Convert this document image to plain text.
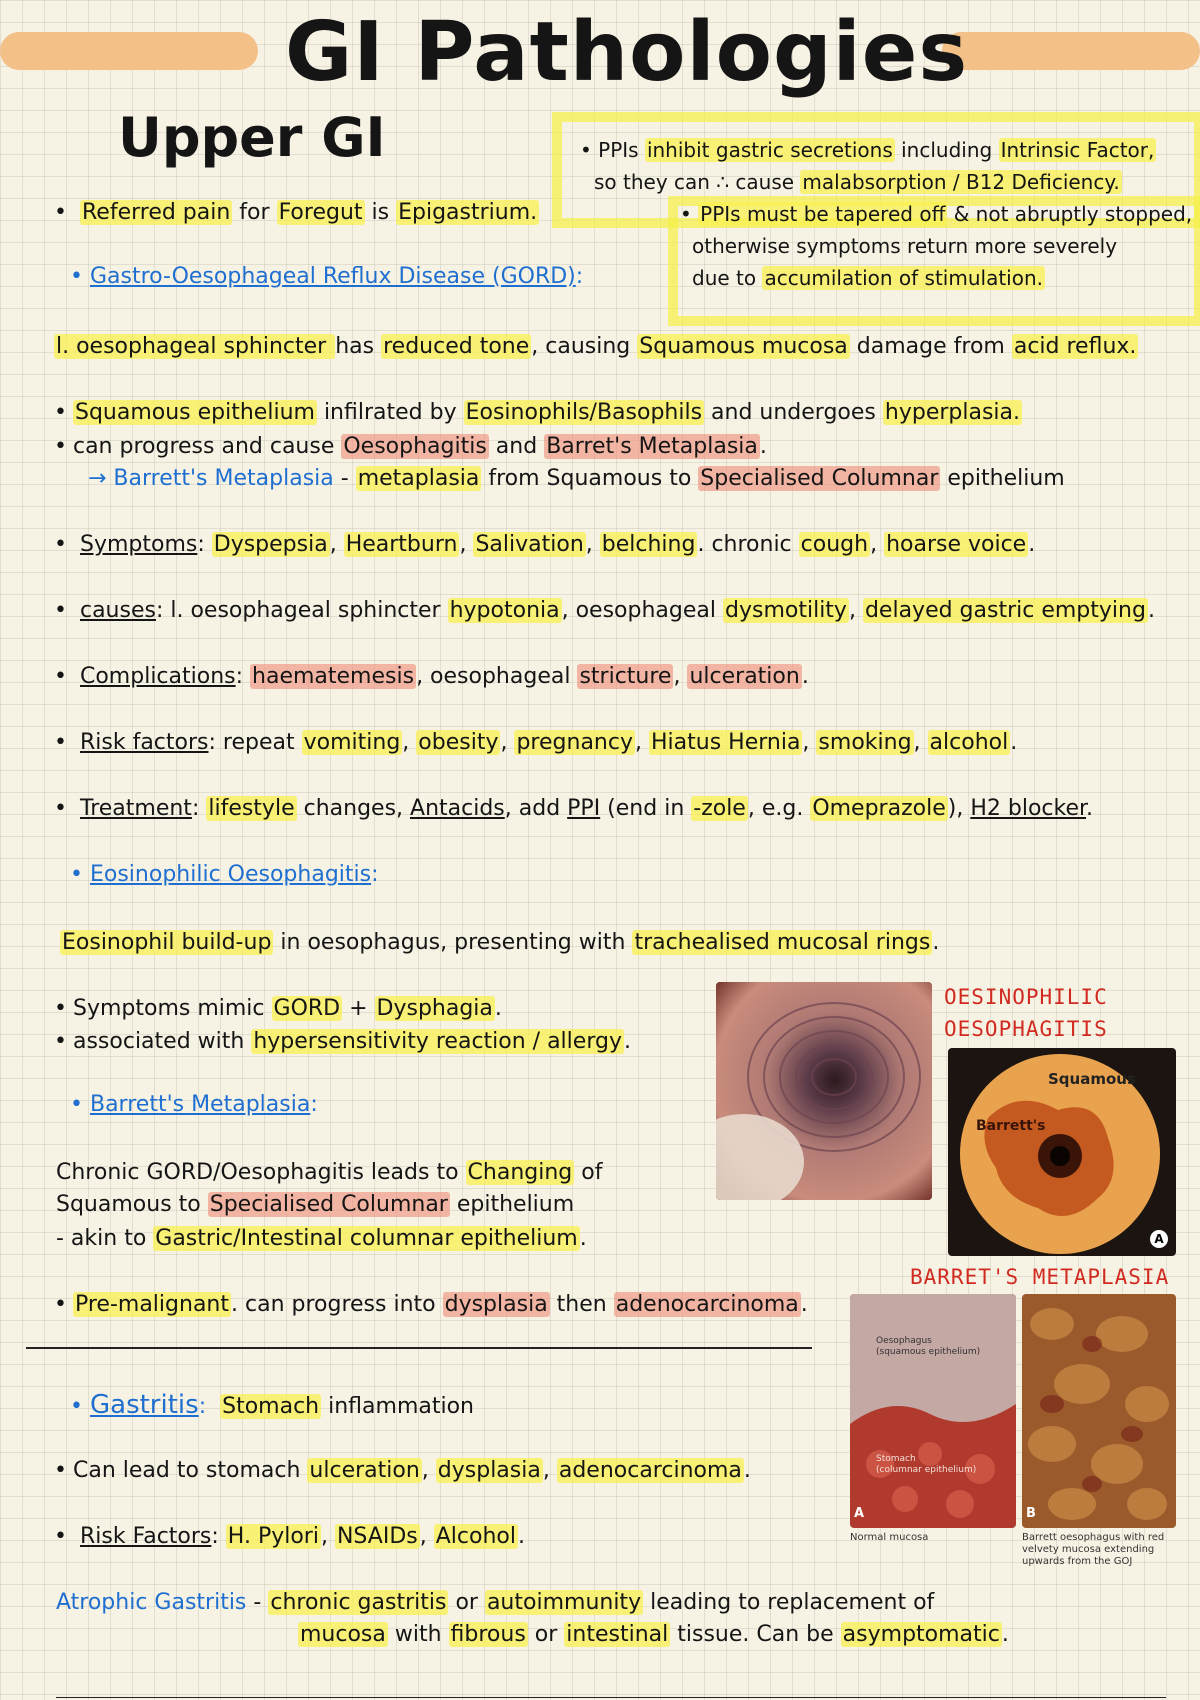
GI Pathologies
Upper GI	• PPIs inhibit gastric secretions including Intrinsic Factor,
so they can ∴ cause malabsorption / B12 Deficiency.
• PPIs must be tapered off & not abruptly stopped,
otherwise symptoms return more severely
due to accumilation of stimulation.
• Referred pain for Foregut is Epigastrium.
• Gastro-Oesophageal Reflux Disease (GORD):
l. oesophageal sphincter has reduced tone, causing Squamous mucosa damage from acid reflux.
• Squamous epithelium infilrated by Eosinophils/Basophils and undergoes hyperplasia.
• can progress and cause Oesophagitis and Barret's Metaplasia.
→ Barrett's Metaplasia - metaplasia from Squamous to Specialised Columnar epithelium
• Symptoms: Dyspepsia, Heartburn, Salivation, belching. chronic cough, hoarse voice.
• causes: l. oesophageal sphincter hypotonia, oesophageal dysmotility, delayed gastric emptying.
• Complications: haematemesis, oesophageal stricture, ulceration.
• Risk factors: repeat vomiting, obesity, pregnancy, Hiatus Hernia, smoking, alcohol.
• Treatment: lifestyle changes, Antacids, add PPI (end in -zole, e.g. Omeprazole), H2 blocker.
• Eosinophilic Oesophagitis:
Eosinophil build-up in oesophagus, presenting with trachealised mucosal rings.
• Symptoms mimic GORD + Dysphagia.
• associated with hypersensitivity reaction / allergy.
• Barrett's Metaplasia:
Chronic GORD/Oesophagitis leads to Changing of
Squamous to Specialised Columnar epithelium
- akin to Gastric/Intestinal columnar epithelium.
• Pre-malignant. can progress into dysplasia then adenocarcinoma.
• Gastritis: Stomach inflammation
• Can lead to stomach ulceration, dysplasia, adenocarcinoma.
• Risk Factors: H. Pylori, NSAIDs, Alcohol.
Atrophic Gastritis - chronic gastritis or autoimmunity leading to replacement of
mucosa with fibrous or intestinal tissue. Can be asymptomatic.
OESINOPHILIC
OESOPHAGITIS
Squamous
Barrett's
A
BARRET'S METAPLASIA
Oesophagus
(squamous epithelium)
Stomach
(columnar epithelium)
A	B
Normal mucosa	Barrett oesophagus with red velvety mucosa extending upwards from the GOJ
